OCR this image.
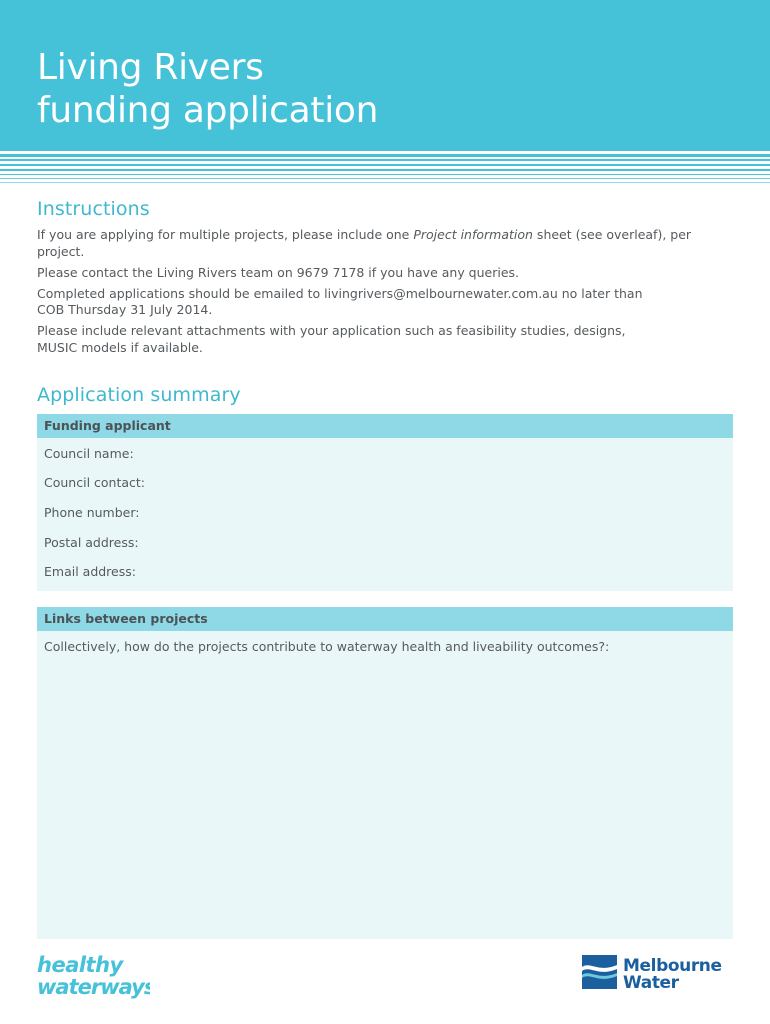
Living Rivers
funding application
Instructions

If you are applying for multiple projects, please include one Project information sheet (see overleaf), per project.

Please contact the Living Rivers team on 9679 7178 if you have any queries.

Completed applications should be emailed to livingrivers@melbournewater.com.au no later than COB Thursday 31 July 2014.

Please include relevant attachments with your application such as feasibility studies, designs, MUSIC models if available.

Application summary
Funding applicant
Council name:
Council contact:
Phone number:
Postal address:
Email address:
Links between projects
Collectively, how do the projects contribute to waterway health and liveability outcomes?:
healthy
waterways
Melbourne
Water
